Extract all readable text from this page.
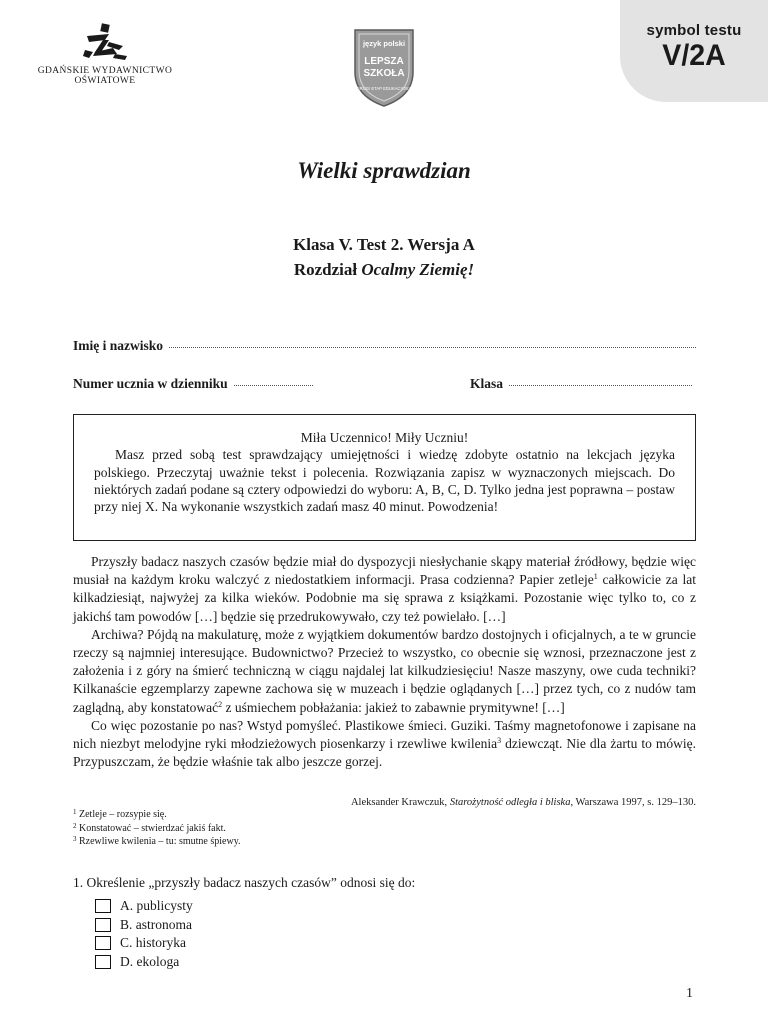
symbol testu
V/2A
GDAŃSKIE WYDAWNICTWO
OŚWIATOWE
język polski
LEPSZA
SZKOŁA
DRUGI ETAP EDUKACYJNY
Wielki sprawdzian
Klasa V. Test 2. Wersja A
Rozdział Ocalmy Ziemię!
Imię i nazwisko
Numer ucznia w dzienniku	Klasa
Miła Uczennico! Miły Uczniu!
Masz przed sobą test sprawdzający umiejętności i wiedzę zdobyte ostatnio na lekcjach języka polskiego. Przeczytaj uważnie tekst i polecenia. Rozwiązania zapisz w wyznaczonych miejscach. Do niektórych zadań podane są cztery odpowiedzi do wyboru: A, B, C, D. Tylko jedna jest poprawna – postaw przy niej X. Na wykonanie wszystkich zadań masz 40 minut. Powodzenia!

Przyszły badacz naszych czasów będzie miał do dyspozycji niesłychanie skąpy materiał źródłowy, będzie więc musiał na każdym kroku walczyć z niedostatkiem informacji. Prasa codzienna? Papier zetleje$^1$ całkowicie za lat kilkadziesiąt, najwyżej za kilka wieków. Podobnie ma się sprawa z książkami. Pozostanie więc tylko to, co z jakichś tam powodów […] będzie się przedrukowywało, czy też powielało. […]

Archiwa? Pójdą na makulaturę, może z wyjątkiem dokumentów bardzo dostojnych i oficjalnych, a te w gruncie rzeczy są najmniej interesujące. Budownictwo? Przecież to wszystko, co obecnie się wznosi, przeznaczone jest z założenia i z góry na śmierć techniczną w ciągu najdalej lat kilkudziesięciu! Nasze maszyny, owe cuda techniki? Kilkanaście egzemplarzy zapewne zachowa się w muzeach i będzie oglądanych […] przez tych, co z nudów tam zaglądną, aby konstatować$^2$ z uśmiechem pobłażania: jakież to zabawnie prymitywne! […]

Co więc pozostanie po nas? Wstyd pomyśleć. Plastikowe śmieci. Guziki. Taśmy magnetofonowe i zapisane na nich niezbyt melodyjne ryki młodzieżowych piosenkarzy i rzewliwe kwilenia$^3$ dziewcząt. Nie dla żartu to mówię. Przypuszczam, że będzie właśnie tak albo jeszcze gorzej.

Aleksander Krawczuk, Starożytność odległa i bliska, Warszawa 1997, s. 129–130.
$^1$ Zetleje – rozsypie się.
$^2$ Konstatować – stwierdzać jakiś fakt.
$^3$ Rzewliwe kwilenia – tu: smutne śpiewy.
1. Określenie „przyszły badacz naszych czasów” odnosi się do:
A. publicysty
B. astronoma
C. historyka
D. ekologa
1
